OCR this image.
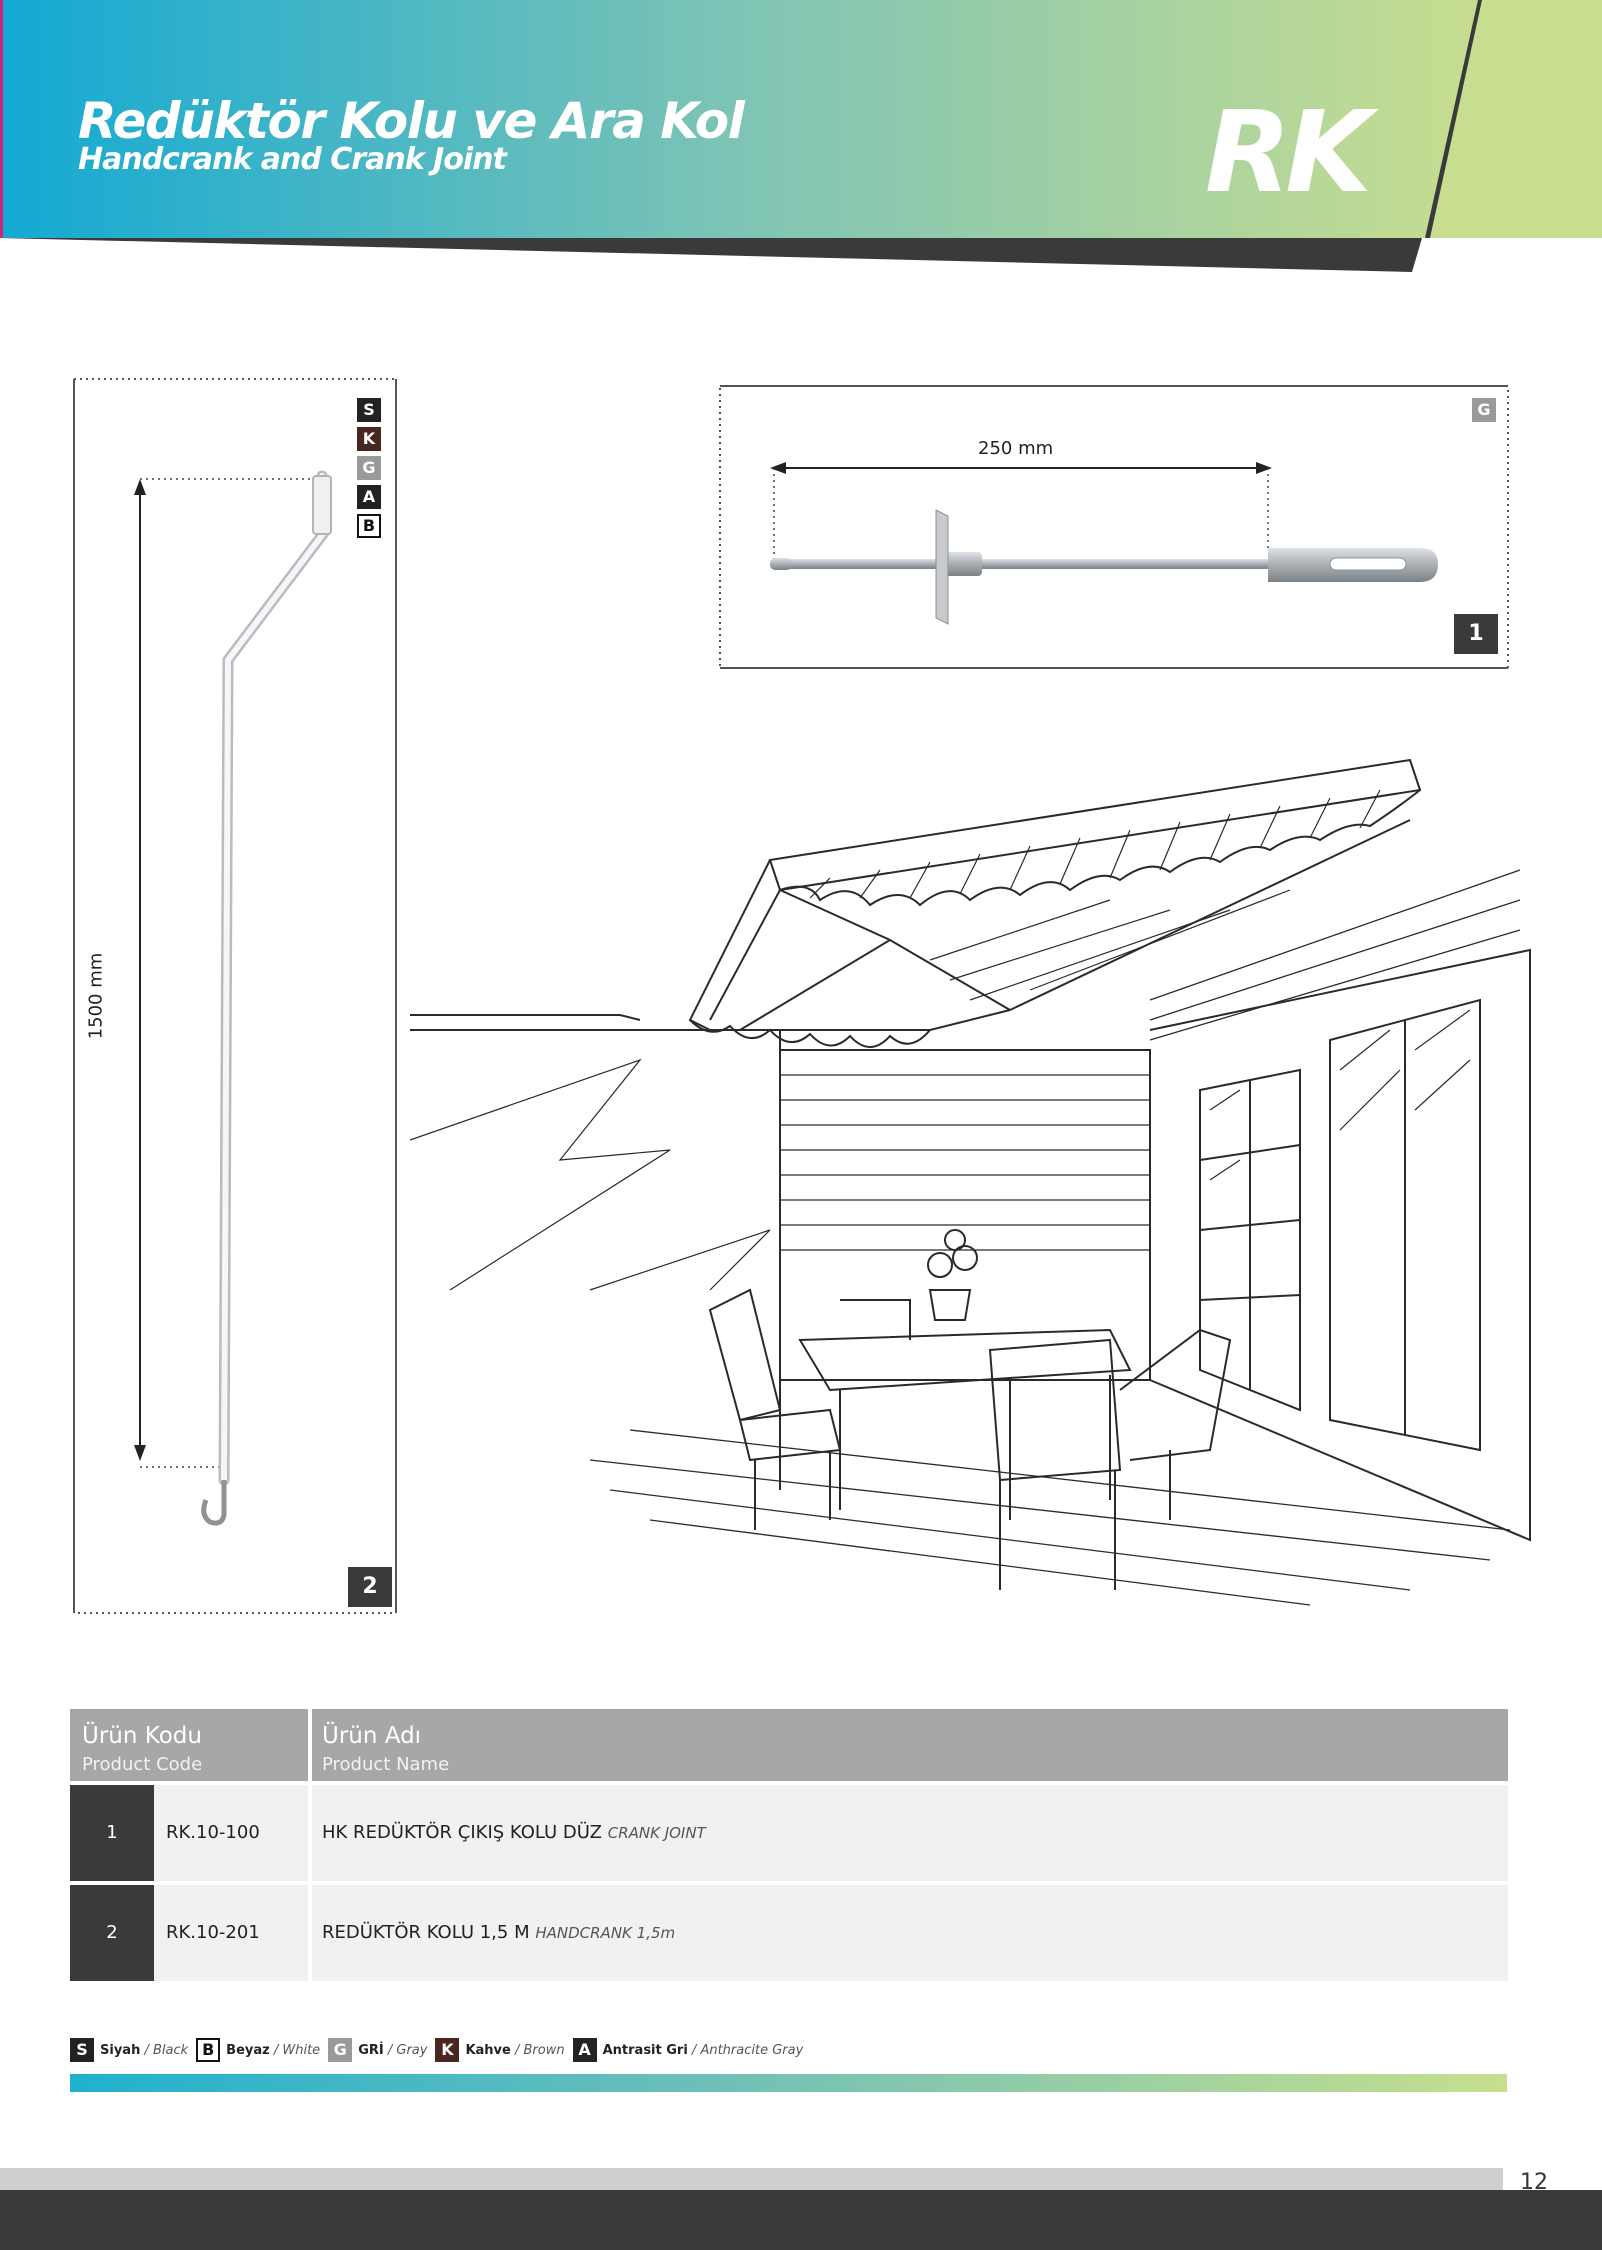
Redüktör Kolu ve Ara Kol
Handcrank and Crank Joint	RK
1500 mm
S
K
G
A
B
2
250 mm
G
1
Ürün Kodu
Product Code
Ürün Adı
Product Name
1	RK.10-100	HK REDÜKTÖR ÇIKIŞ KOLU DÜZ CRANK JOINT
2	RK.10-201	REDÜKTÖR KOLU 1,5 M HANDCRANK 1,5m
S Siyah / Black B Beyaz / White G GRİ / Gray K Kahve / Brown A Antrasit Gri / Anthracite Gray
12
